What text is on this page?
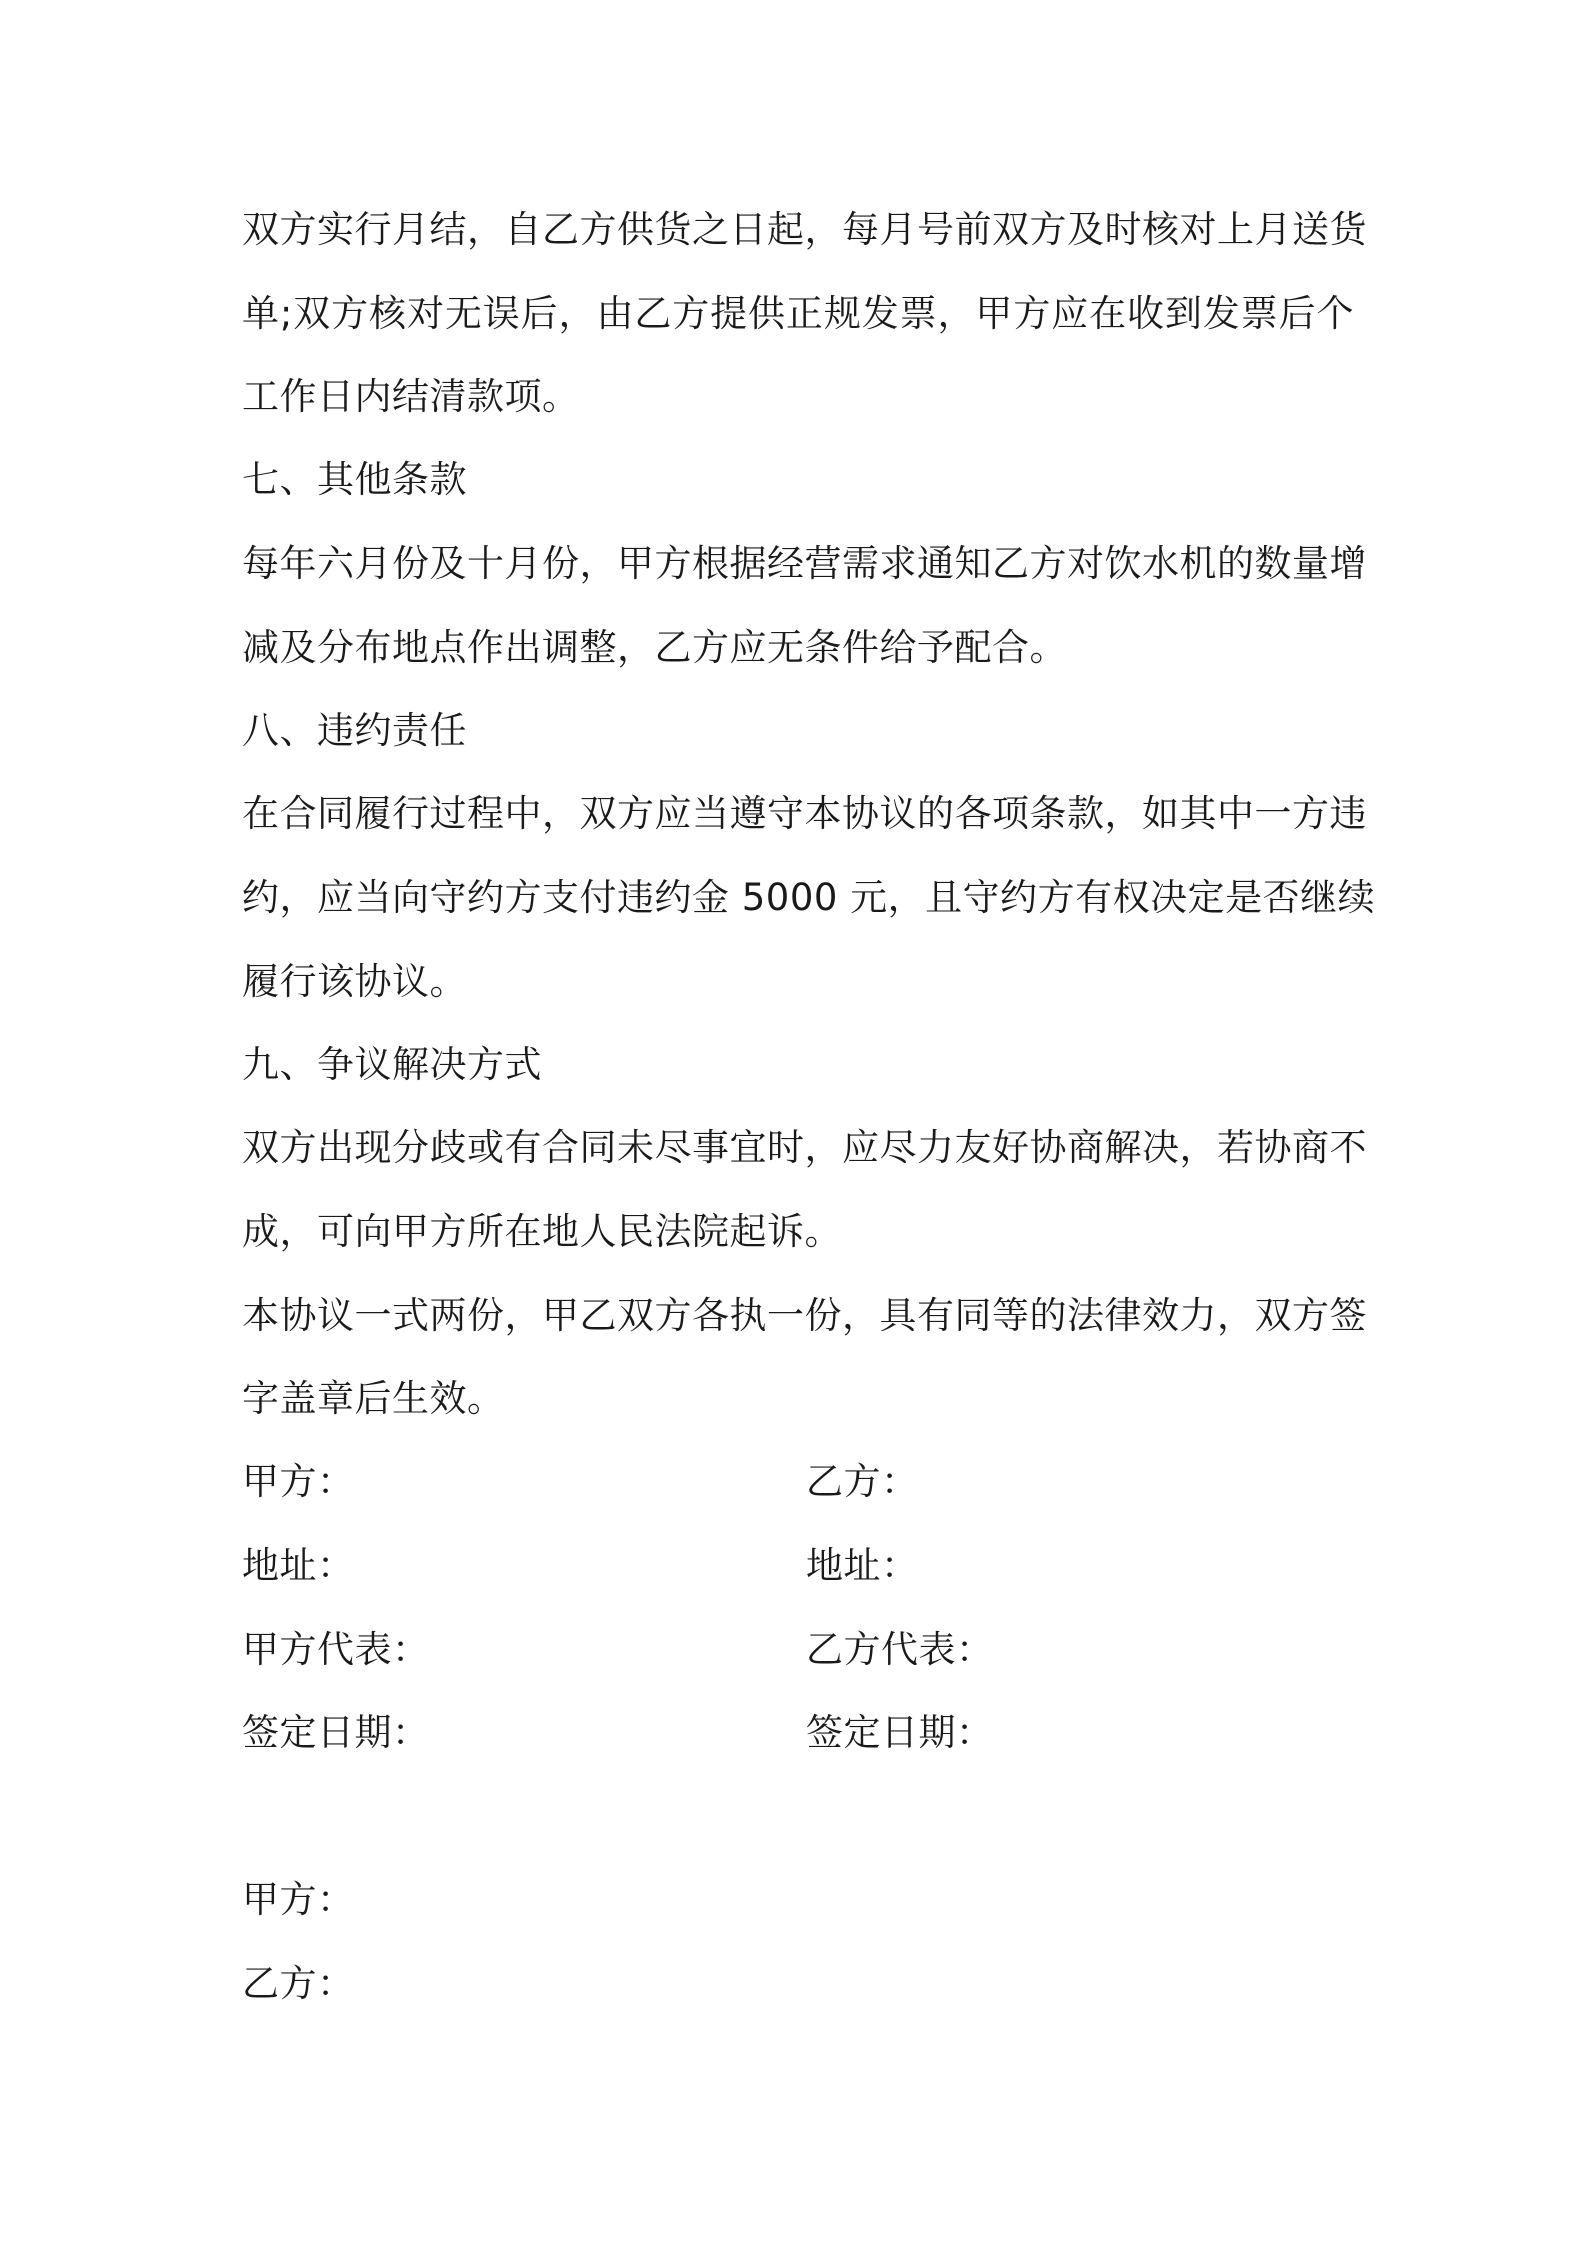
双方实行月结，自乙方供货之日起，每月号前双方及时核对上月送货
单;双方核对无误后，由乙方提供正规发票，甲方应在收到发票后个
工作日内结清款项。
七、其他条款
每年六月份及十月份，甲方根据经营需求通知乙方对饮水机的数量增
减及分布地点作出调整，乙方应无条件给予配合。
八、违约责任
在合同履行过程中，双方应当遵守本协议的各项条款，如其中一方违
约，应当向守约方支付违约金 5000 元，且守约方有权决定是否继续
履行该协议。
九、争议解决方式
双方出现分歧或有合同未尽事宜时，应尽力友好协商解决，若协商不
成，可向甲方所在地人民法院起诉。
本协议一式两份，甲乙双方各执一份，具有同等的法律效力，双方签
字盖章后生效。
甲方：	乙方：
地址：	地址：
甲方代表：	乙方代表：
签定日期：	签定日期：
甲方：
乙方：
